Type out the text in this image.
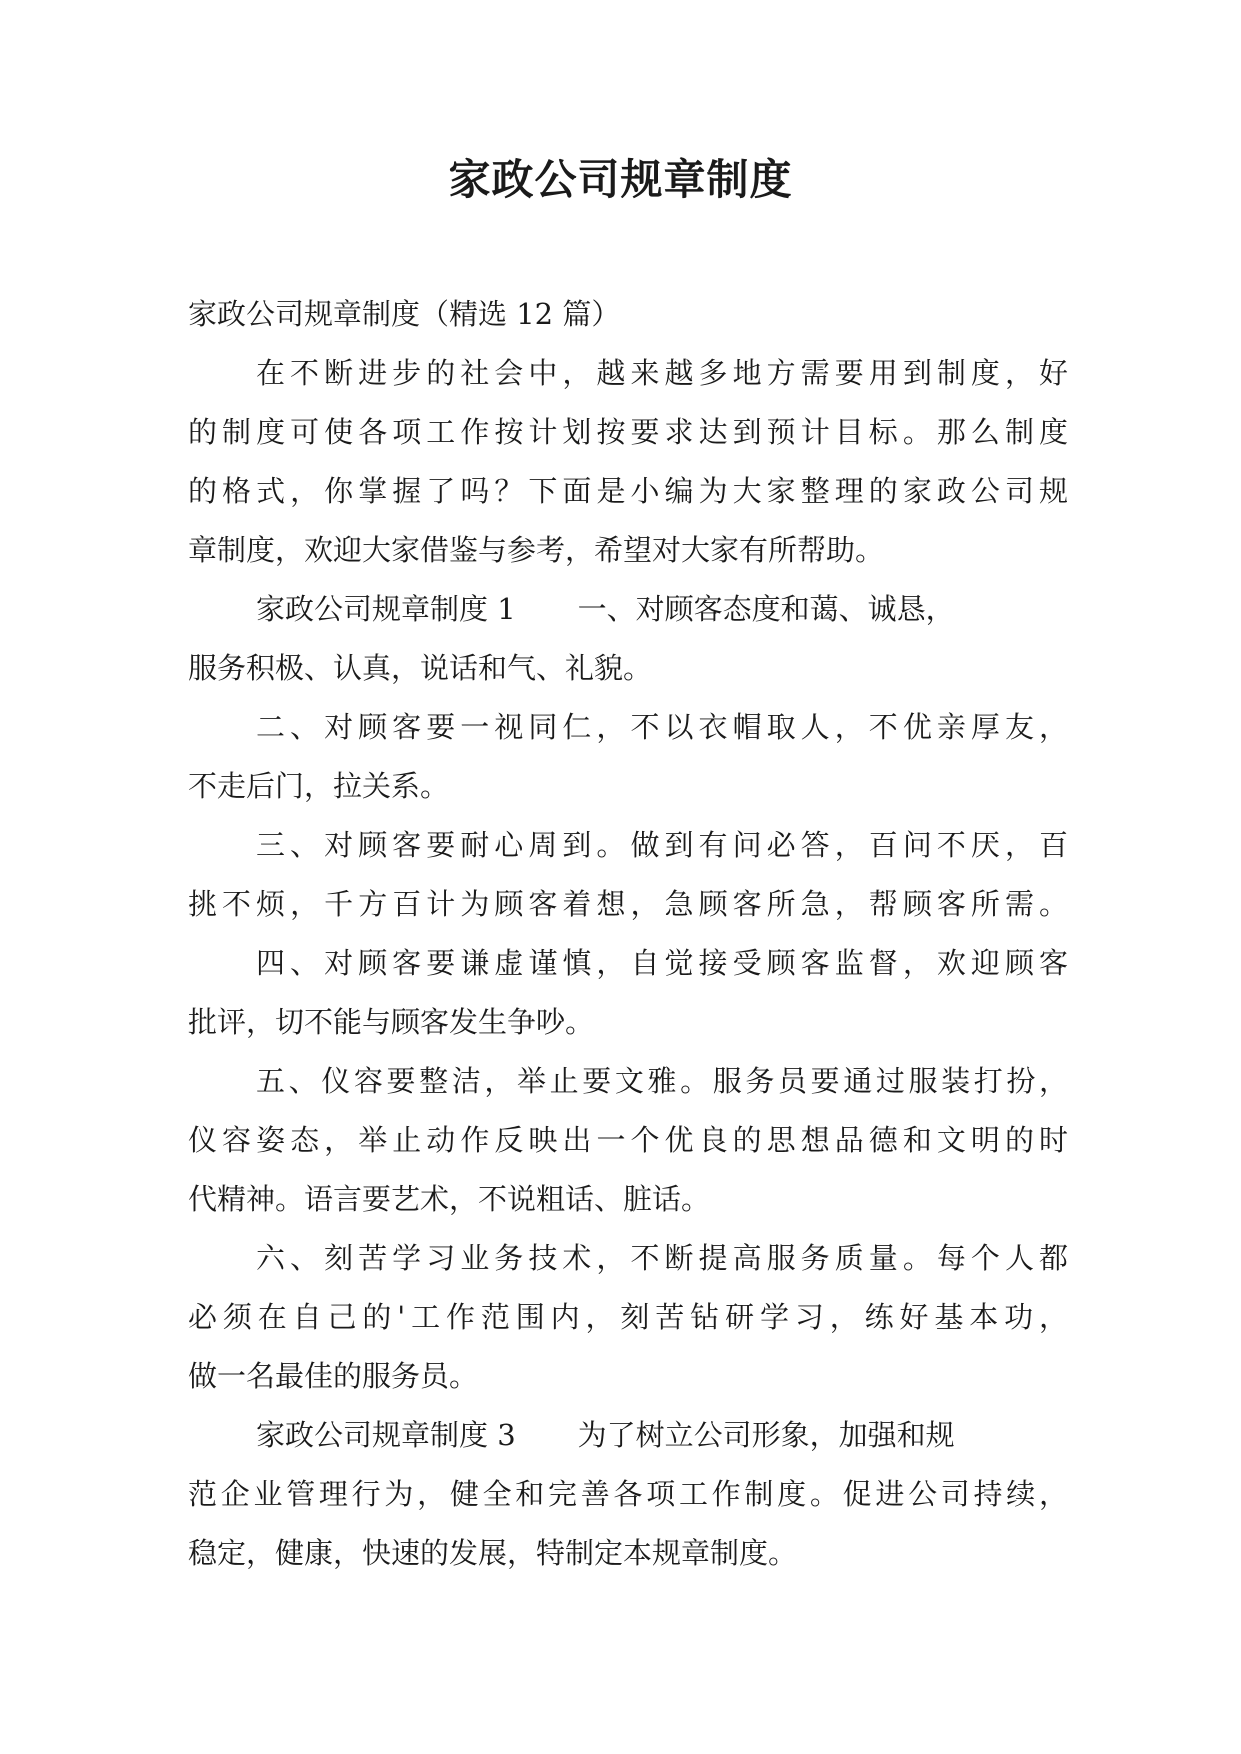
家政公司规章制度
家政公司规章制度（精选 12 篇）
在不断进步的社会中，越来越多地方需要用到制度，好
的制度可使各项工作按计划按要求达到预计目标。那么制度
的格式，你掌握了吗？下面是小编为大家整理的家政公司规
章制度，欢迎大家借鉴与参考，希望对大家有所帮助。
家政公司规章制度 1 一、对顾客态度和蔼、诚恳，
服务积极、认真，说话和气、礼貌。
二、对顾客要一视同仁，不以衣帽取人，不优亲厚友，
不走后门，拉关系。
三、对顾客要耐心周到。做到有问必答，百问不厌，百
挑不烦，千方百计为顾客着想，急顾客所急，帮顾客所需。
四、对顾客要谦虚谨慎，自觉接受顾客监督，欢迎顾客
批评，切不能与顾客发生争吵。
五、仪容要整洁，举止要文雅。服务员要通过服装打扮，
仪容姿态，举止动作反映出一个优良的思想品德和文明的时
代精神。语言要艺术，不说粗话、脏话。
六、刻苦学习业务技术，不断提高服务质量。每个人都
必须在自己的'工作范围内，刻苦钻研学习，练好基本功，
做一名最佳的服务员。
家政公司规章制度 3 为了树立公司形象，加强和规
范企业管理行为，健全和完善各项工作制度。促进公司持续，
稳定，健康，快速的发展，特制定本规章制度。
